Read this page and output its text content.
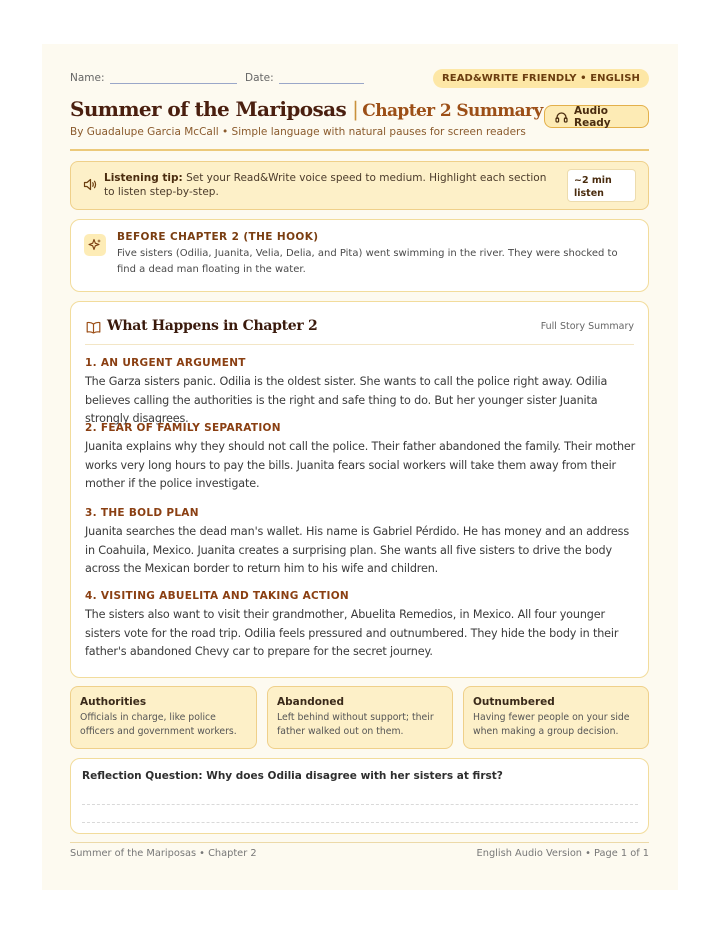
Name:	Date:	READ&WRITE FRIENDLY • ENGLISH
Summer of the Mariposas | Chapter 2 Summary
By Guadalupe Garcia McCall • Simple language with natural pauses for screen readers
Audio Ready
Listening tip: Set your Read&Write voice speed to medium. Highlight each section to listen step-by-step.
~2 min
listen
BEFORE CHAPTER 2 (THE HOOK)
Five sisters (Odilia, Juanita, Velia, Delia, and Pita) went swimming in the river. They were shocked to find a dead man floating in the water.
What Happens in Chapter 2	Full Story Summary
1. AN URGENT ARGUMENT
The Garza sisters panic. Odilia is the oldest sister. She wants to call the police right away. Odilia believes calling the authorities is the right and safe thing to do. But her younger sister Juanita strongly disagrees.
2. FEAR OF FAMILY SEPARATION
Juanita explains why they should not call the police. Their father abandoned the family. Their mother works very long hours to pay the bills. Juanita fears social workers will take them away from their mother if the police investigate.
3. THE BOLD PLAN
Juanita searches the dead man's wallet. His name is Gabriel Pérdido. He has money and an address in Coahuila, Mexico. Juanita creates a surprising plan. She wants all five sisters to drive the body across the Mexican border to return him to his wife and children.
4. VISITING ABUELITA AND TAKING ACTION
The sisters also want to visit their grandmother, Abuelita Remedios, in Mexico. All four younger sisters vote for the road trip. Odilia feels pressured and outnumbered. They hide the body in their father's abandoned Chevy car to prepare for the secret journey.
Authorities
Officials in charge, like police officers and government workers.
Abandoned
Left behind without support; their father walked out on them.
Outnumbered
Having fewer people on your side when making a group decision.
Reflection Question: Why does Odilia disagree with her sisters at first?
Summer of the Mariposas • Chapter 2	English Audio Version • Page 1 of 1
